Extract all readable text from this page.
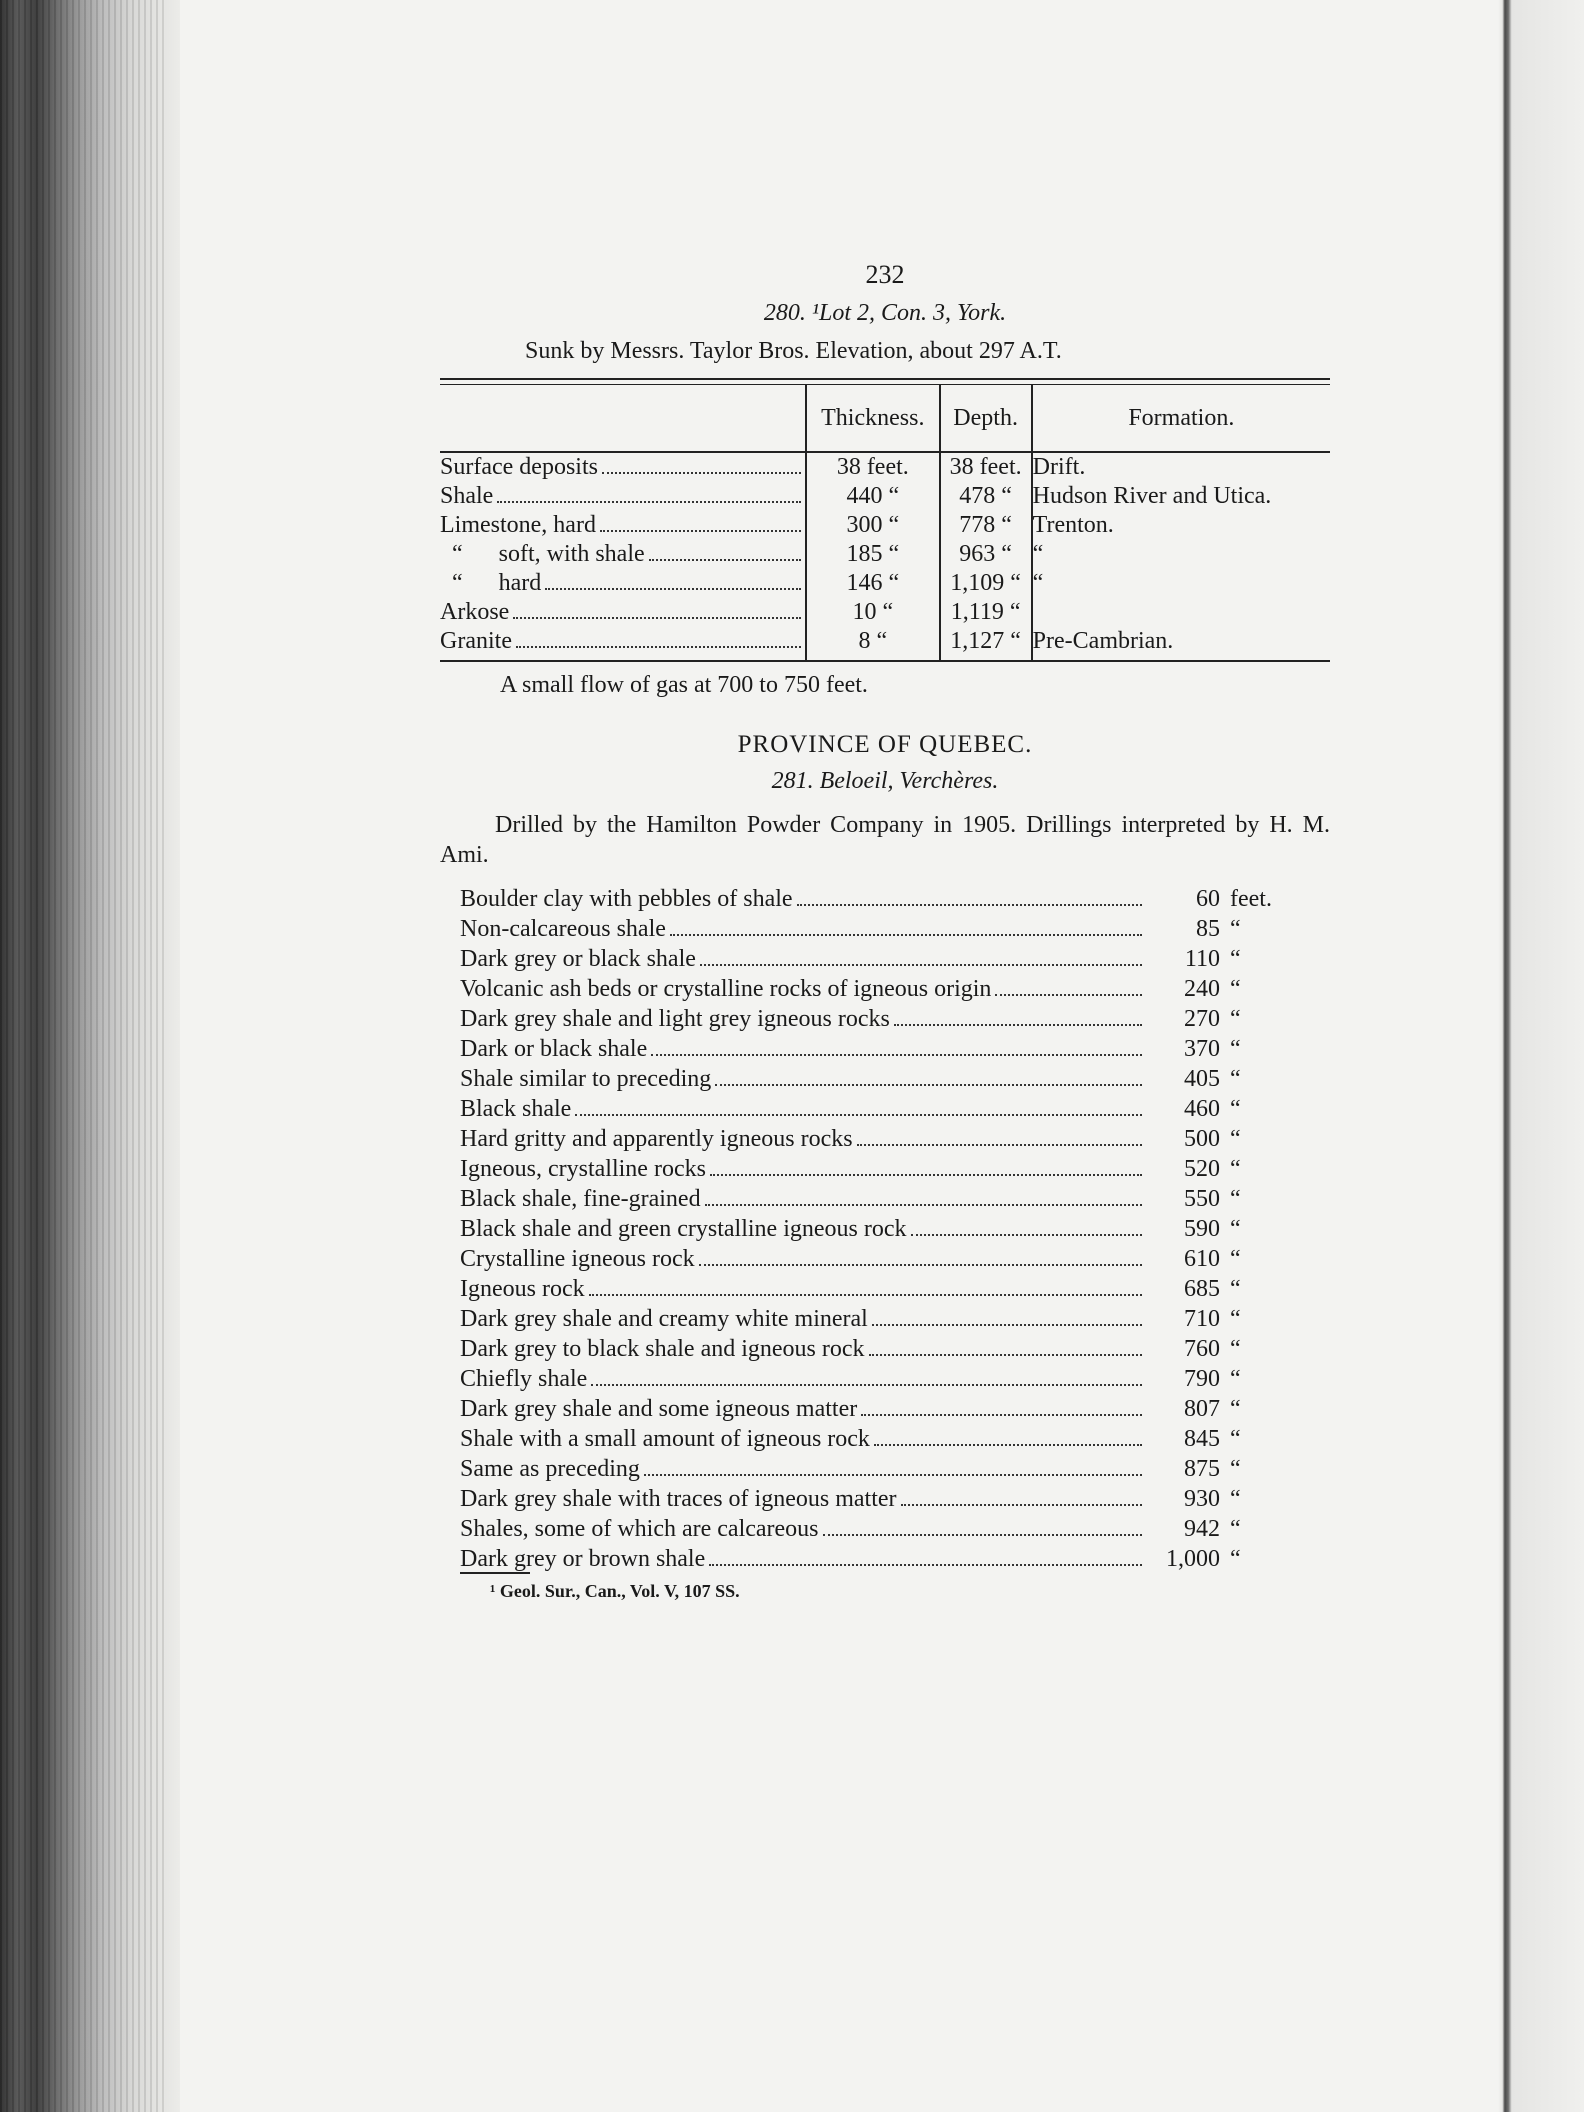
232
280. ¹Lot 2, Con. 3, York.
Sunk by Messrs. Taylor Bros. Elevation, about 297 A.T.
	Thickness.	Depth.	Formation.

Surface deposits	38 feet.	38 feet.	Drift.

Shale	440 “	478 “	Hudson River and Utica.

Limestone, hard	300 “	778 “	Trenton.

“      soft, with shale	185 “	963 “	“

“      hard	146 “	1,109 “	“

Arkose	10 “	1,119 “	

Granite	8 “	1,127 “	Pre-Cambrian.
A small flow of gas at 700 to 750 feet.
PROVINCE OF QUEBEC.
281. Beloeil, Verchères.
Drilled by the Hamilton Powder Company in 1905. Drillings interpreted by H. M. Ami.
Boulder clay with pebbles of shale	60 feet.
Non-calcareous shale	85 “
Dark grey or black shale	110 “
Volcanic ash beds or crystalline rocks of igneous origin	240 “
Dark grey shale and light grey igneous rocks	270 “
Dark or black shale	370 “
Shale similar to preceding	405 “
Black shale	460 “
Hard gritty and apparently igneous rocks	500 “
Igneous, crystalline rocks	520 “
Black shale, fine-grained	550 “
Black shale and green crystalline igneous rock	590 “
Crystalline igneous rock	610 “
Igneous rock	685 “
Dark grey shale and creamy white mineral	710 “
Dark grey to black shale and igneous rock	760 “
Chiefly shale	790 “
Dark grey shale and some igneous matter	807 “
Shale with a small amount of igneous rock	845 “
Same as preceding	875 “
Dark grey shale with traces of igneous matter	930 “
Shales, some of which are calcareous	942 “
Dark grey or brown shale	1,000 “
¹ Geol. Sur., Can., Vol. V, 107 SS.
